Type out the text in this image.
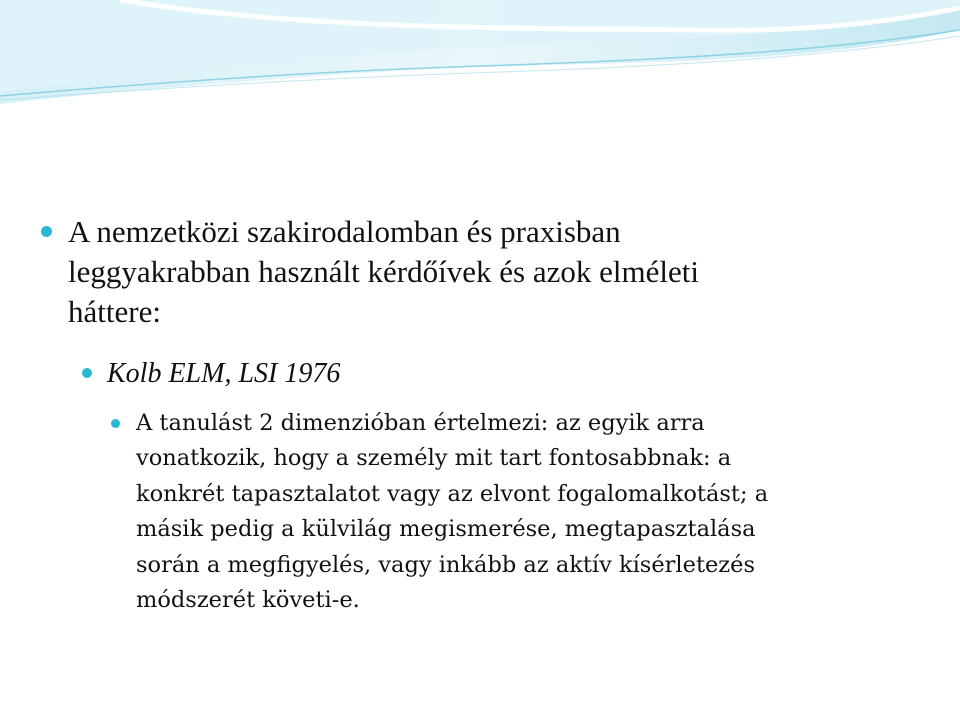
A nemzetközi szakirodalomban és praxisban
leggyakrabban használt kérdőívek és azok elméleti
háttere:
Kolb ELM, LSI 1976
A tanulást 2 dimenzióban értelmezi: az egyik arra
vonatkozik, hogy a személy mit tart fontosabbnak: a
konkrét tapasztalatot vagy az elvont fogalomalkotást; a
másik pedig a külvilág megismerése, megtapasztalása
során a megfigyelés, vagy inkább az aktív kísérletezés
módszerét követi-e.
